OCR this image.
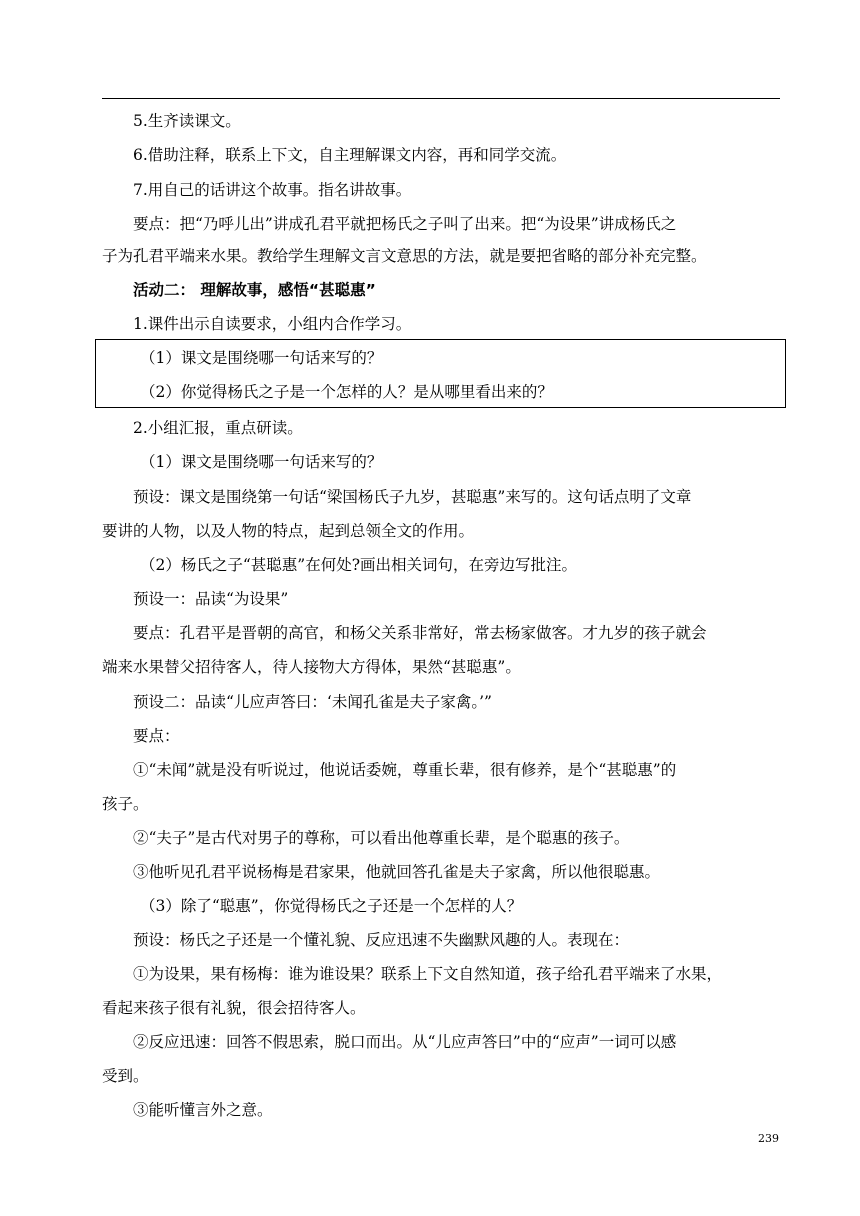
5.生齐读课文。
6.借助注释，联系上下文，自主理解课文内容，再和同学交流。
7.用自己的话讲这个故事。指名讲故事。
要点：把“乃呼儿出”讲成孔君平就把杨氏之子叫了出来。把“为设果”讲成杨氏之
子为孔君平端来水果。教给学生理解文言文意思的方法，就是要把省略的部分补充完整。
活动二： 理解故事，感悟“甚聪惠”
1.课件出示自读要求，小组内合作学习。
（1）课文是围绕哪一句话来写的？
（2）你觉得杨氏之子是一个怎样的人？是从哪里看出来的？
2.小组汇报，重点研读。
（1）课文是围绕哪一句话来写的？
预设：课文是围绕第一句话“梁国杨氏子九岁，甚聪惠”来写的。这句话点明了文章
要讲的人物，以及人物的特点，起到总领全文的作用。
（2）杨氏之子“甚聪惠”在何处?画出相关词句，在旁边写批注。
预设一：品读“为设果”
要点：孔君平是晋朝的高官，和杨父关系非常好，常去杨家做客。才九岁的孩子就会
端来水果替父招待客人，待人接物大方得体，果然“甚聪惠”。
预设二：品读“儿应声答曰：‘未闻孔雀是夫子家禽。’”
要点：
①“未闻”就是没有听说过，他说话委婉，尊重长辈，很有修养，是个“甚聪惠”的
孩子。
②“夫子”是古代对男子的尊称，可以看出他尊重长辈，是个聪惠的孩子。
③他听见孔君平说杨梅是君家果，他就回答孔雀是夫子家禽，所以他很聪惠。
（3）除了“聪惠”，你觉得杨氏之子还是一个怎样的人？
预设：杨氏之子还是一个懂礼貌、反应迅速不失幽默风趣的人。表现在：
①为设果，果有杨梅：谁为谁设果？联系上下文自然知道，孩子给孔君平端来了水果，
看起来孩子很有礼貌，很会招待客人。
②反应迅速：回答不假思索，脱口而出。从“儿应声答曰”中的“应声”一词可以感
受到。
③能听懂言外之意。
239
